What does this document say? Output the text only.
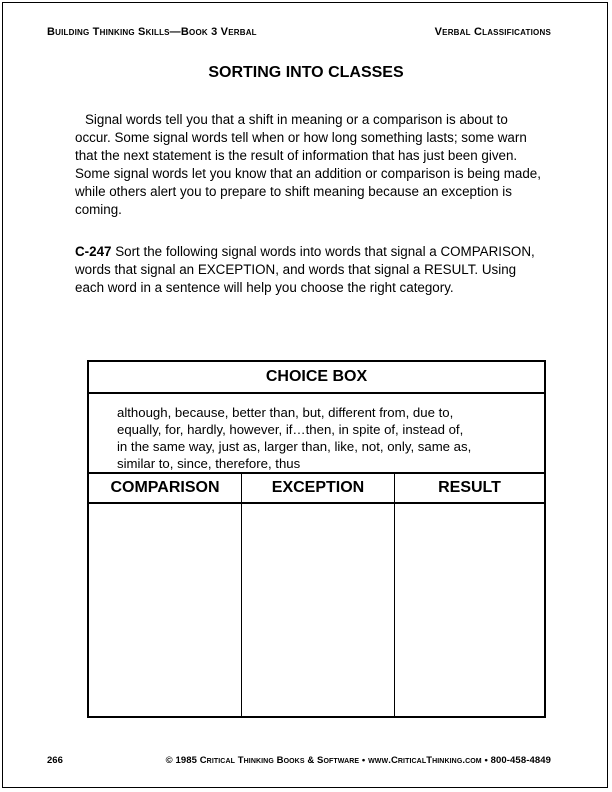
Building Thinking Skills—Book 3 Verbal	Verbal Classifications
SORTING INTO CLASSES

Signal words tell you that a shift in meaning or a comparison is about to occur. Some signal words tell when or how long something lasts; some warn that the next statement is the result of information that has just been given. Some signal words let you know that an addition or comparison is being made, while others alert you to prepare to shift meaning because an exception is coming.

C-247 Sort the following signal words into words that signal a COMPARISON, words that signal an EXCEPTION, and words that signal a RESULT. Using each word in a sentence will help you choose the right category.

CHOICE BOX
although, because, better than, but, different from, due to,
equally, for, hardly, however, if…then, in spite of, instead of,
in the same way, just as, larger than, like, not, only, same as,
similar to, since, therefore, thus
COMPARISON	EXCEPTION	RESULT
266	© 1985 Critical Thinking Books & Software • www.CriticalThinking.com • 800-458-4849
